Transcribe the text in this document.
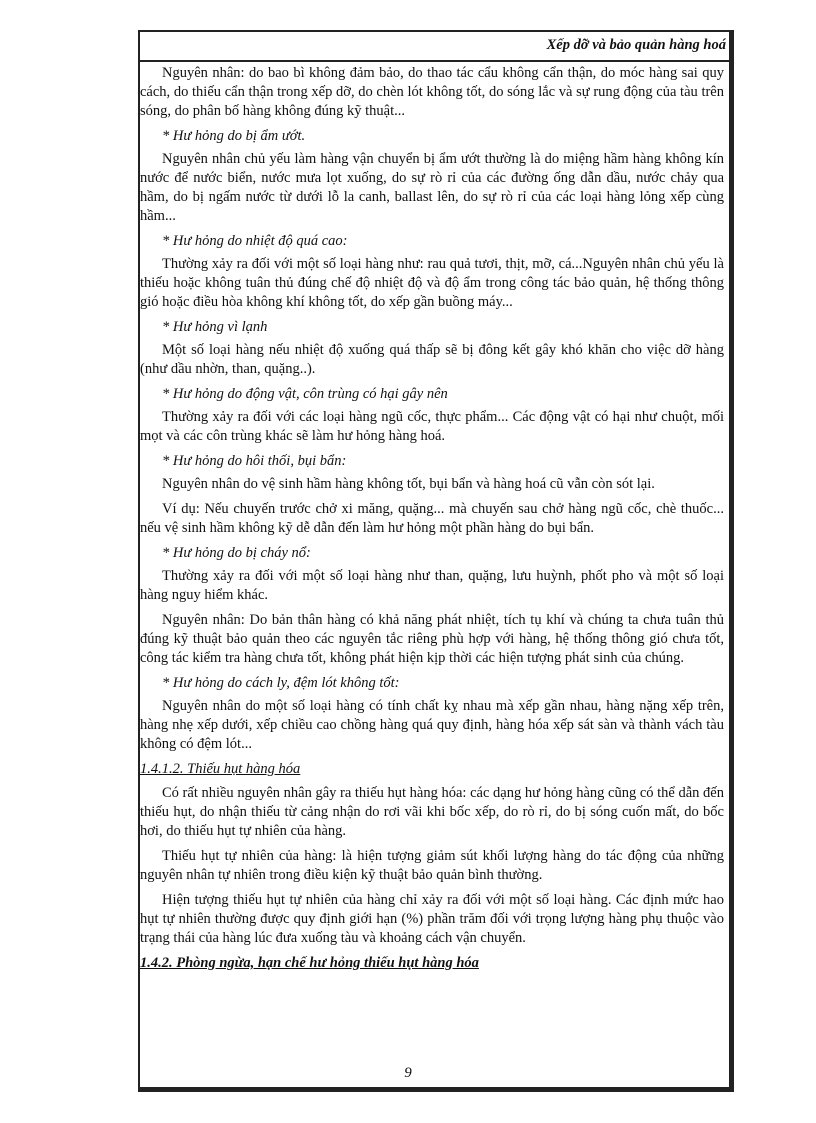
Xếp dỡ và bảo quản hàng hoá

Nguyên nhân: do bao bì không đảm bảo, do thao tác cẩu không cẩn thận, do móc hàng sai quy cách, do thiếu cẩn thận trong xếp dỡ, do chèn lót không tốt, do sóng lắc và sự rung động của tàu trên sóng, do phân bố hàng không đúng kỹ thuật...

* Hư hỏng do bị ẩm ướt.

Nguyên nhân chủ yếu làm hàng vận chuyển bị ẩm ướt thường là do miệng hầm hàng không kín nước để nước biển, nước mưa lọt xuống, do sự rò rỉ của các đường ống dẫn dầu, nước chảy qua hầm, do bị ngấm nước từ dưới lỗ la canh, ballast lên, do sự rò rỉ của các loại hàng lỏng xếp cùng hầm...

* Hư hỏng do nhiệt độ quá cao:

Thường xảy ra đối với một số loại hàng như: rau quả tươi, thịt, mỡ, cá...Nguyên nhân chủ yếu là thiếu hoặc không tuân thủ đúng chế độ nhiệt độ và độ ẩm trong công tác bảo quản, hệ thống thông gió hoặc điều hòa không khí không tốt, do xếp gần buồng máy...

* Hư hỏng vì lạnh

Một số loại hàng nếu nhiệt độ xuống quá thấp sẽ bị đông kết gây khó khăn cho việc dỡ hàng (như dầu nhờn, than, quặng..).

* Hư hỏng do động vật, côn trùng có hại gây nên

Thường xảy ra đối với các loại hàng ngũ cốc, thực phẩm... Các động vật có hại như chuột, mối mọt và các côn trùng khác sẽ làm hư hỏng hàng hoá.

* Hư hỏng do hôi thối, bụi bẩn:

Nguyên nhân do vệ sinh hầm hàng không tốt, bụi bẩn và hàng hoá cũ vẫn còn sót lại.

Ví dụ: Nếu chuyến trước chở xi măng, quặng... mà chuyến sau chở hàng ngũ cốc, chè thuốc... nếu vệ sinh hầm không kỹ dễ dẫn đến làm hư hỏng một phần hàng do bụi bẩn.

* Hư hỏng do bị cháy nổ:

Thường xảy ra đối với một số loại hàng như than, quặng, lưu huỳnh, phốt pho và một số loại hàng nguy hiểm khác.

Nguyên nhân: Do bản thân hàng có khả năng phát nhiệt, tích tụ khí và chúng ta chưa tuân thủ đúng kỹ thuật bảo quản theo các nguyên tắc riêng phù hợp với hàng, hệ thống thông gió chưa tốt, công tác kiểm tra hàng chưa tốt, không phát hiện kịp thời các hiện tượng phát sinh của chúng.

* Hư hỏng do cách ly, đệm lót không tốt:

Nguyên nhân do một số loại hàng có tính chất kỵ nhau mà xếp gần nhau, hàng nặng xếp trên, hàng nhẹ xếp dưới, xếp chiều cao chồng hàng quá quy định, hàng hóa xếp sát sàn và thành vách tàu không có đệm lót...

1.4.1.2. Thiếu hụt hàng hóa

Có rất nhiều nguyên nhân gây ra thiếu hụt hàng hóa: các dạng hư hỏng hàng cũng có thể dẫn đến thiếu hụt, do nhận thiếu từ cảng nhận do rơi vãi khi bốc xếp, do rò rỉ, do bị sóng cuốn mất, do bốc hơi, do thiếu hụt tự nhiên của hàng.

Thiếu hụt tự nhiên của hàng: là hiện tượng giảm sút khối lượng hàng do tác động của những nguyên nhân tự nhiên trong điều kiện kỹ thuật bảo quản bình thường.

Hiện tượng thiếu hụt tự nhiên của hàng chỉ xảy ra đối với một số loại hàng. Các định mức hao hụt tự nhiên thường được quy định giới hạn (%) phần trăm đối với trọng lượng hàng phụ thuộc vào trạng thái của hàng lúc đưa xuống tàu và khoảng cách vận chuyển.

1.4.2. Phòng ngừa, hạn chế hư hỏng thiếu hụt hàng hóa

9
